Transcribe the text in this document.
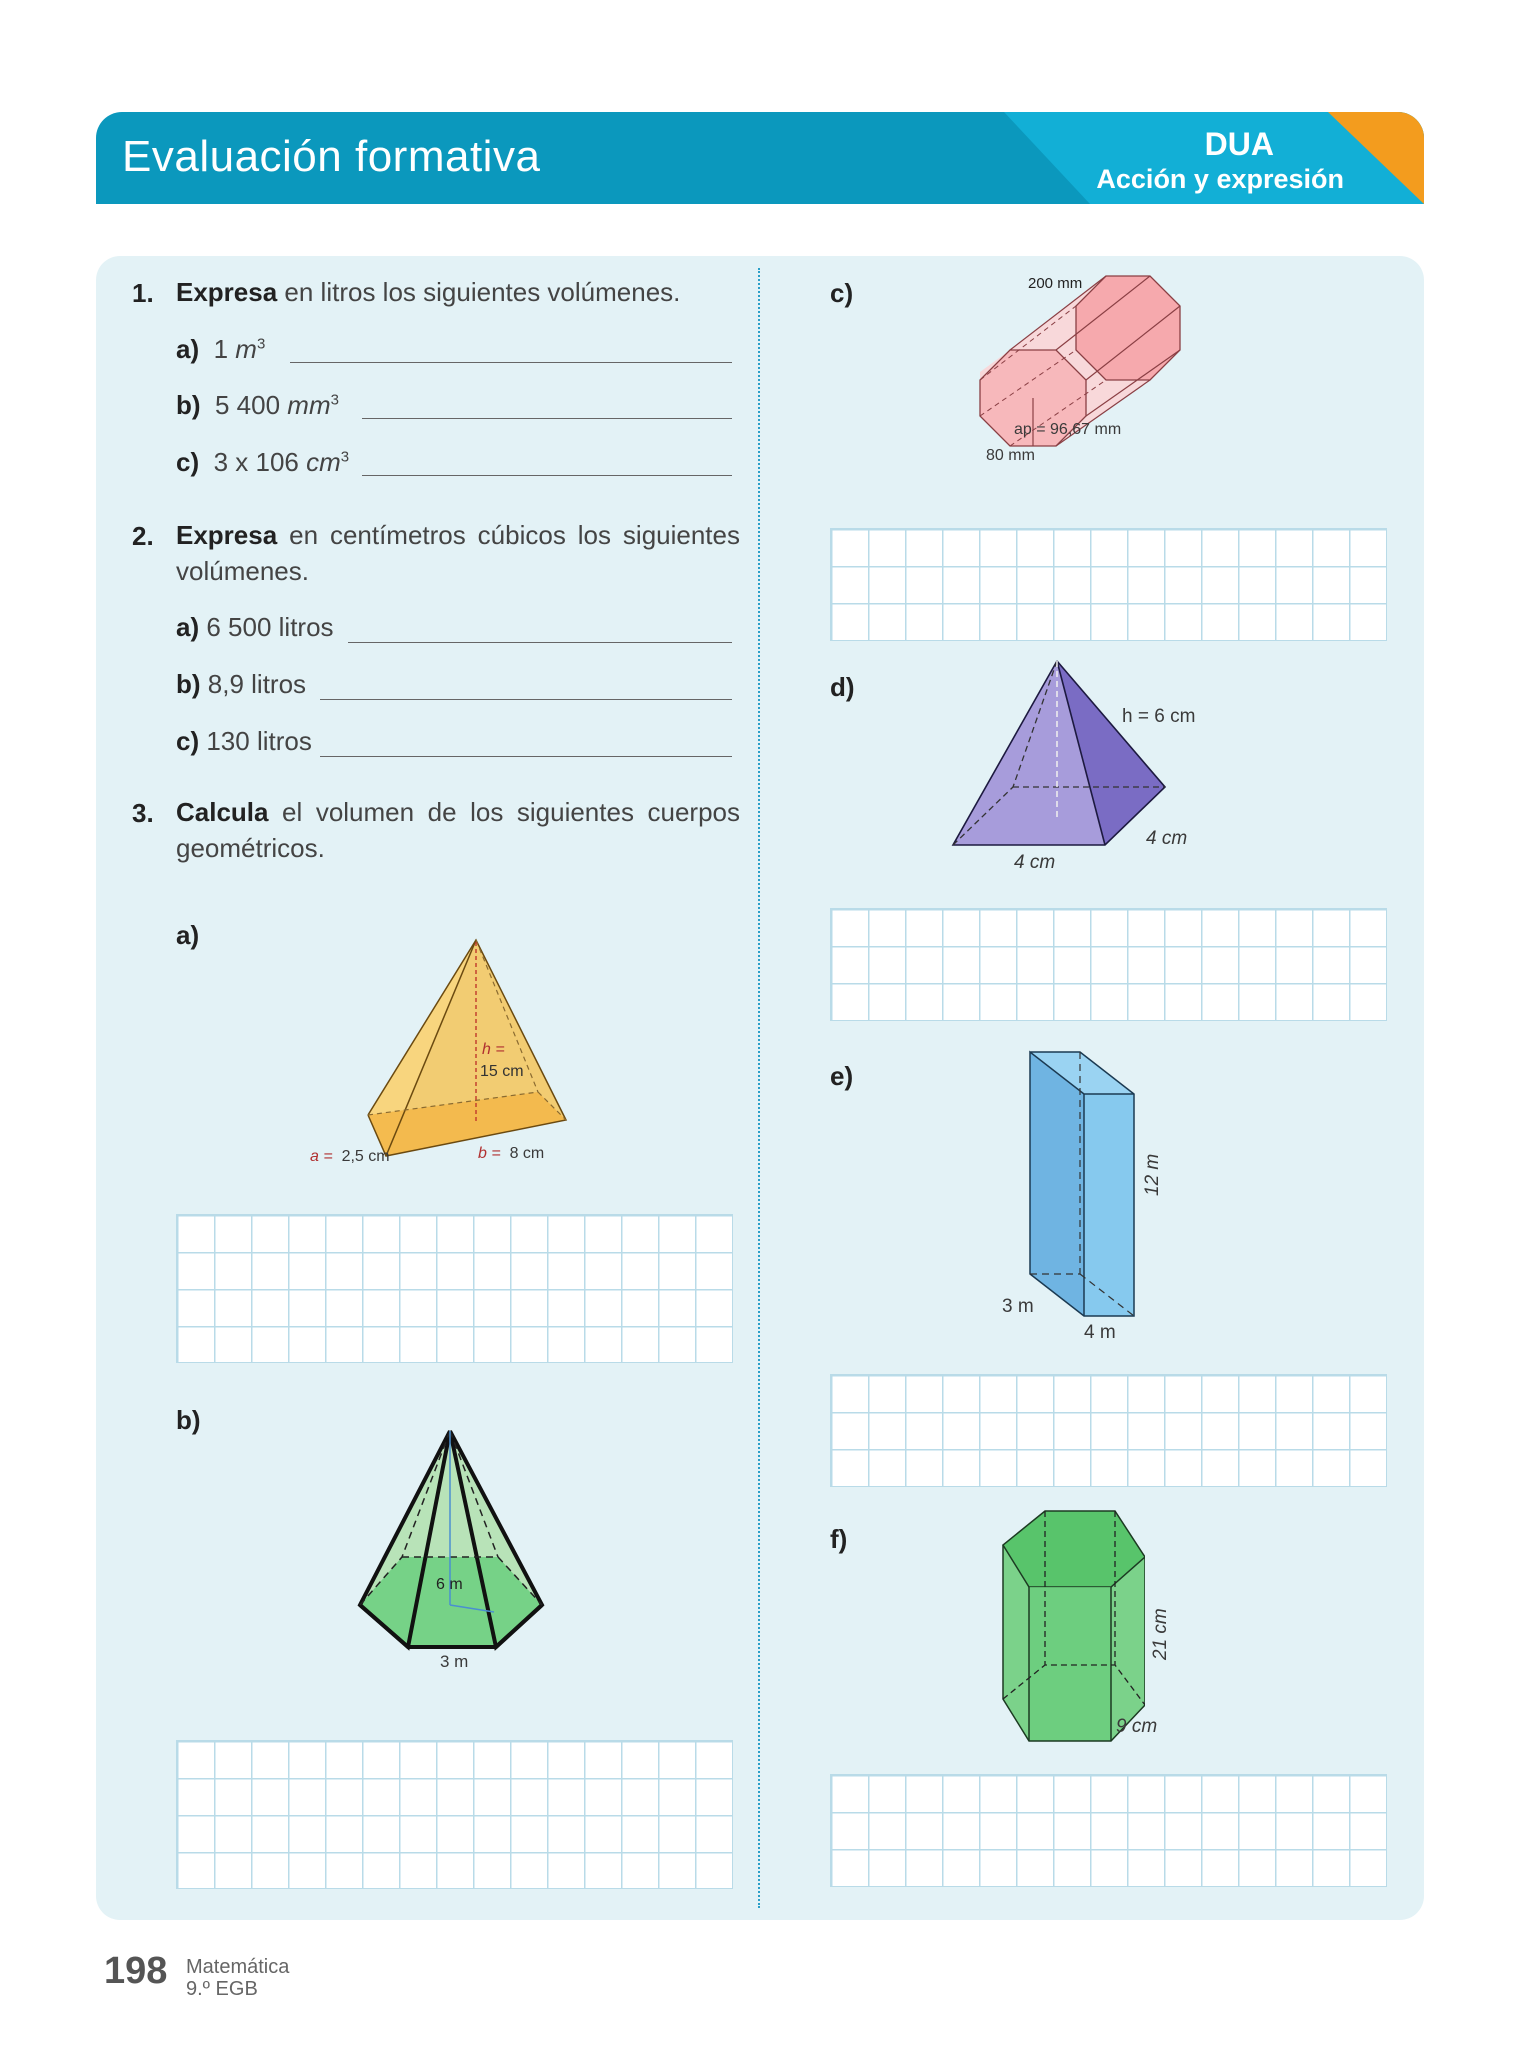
Evaluación formativa	DUA
Acción y expresión
1. Expresa en litros los siguientes volúmenes.
a) 1 $m^3$
b) 5 400 $mm^3$
c) 3 x 106 $cm^3$
2. Expresa en centímetros cúbicos los siguientes
volúmenes.
a) 6 500 litros
b) 8,9 litros
c) 130 litros
3. Calcula el volumen de los siguientes cuerpos
geométricos.
a)
h =
15 cm
a = 2,5 cm	b = 8 cm
b)
6 m
3 m
c)	200 mm
ap = 96,67 mm
80 mm
d)
h = 6 cm
4 cm
4 cm
e)
12 m
3 m
4 m
f)
21 cm
9 cm
198 Matemática
9.º EGB
